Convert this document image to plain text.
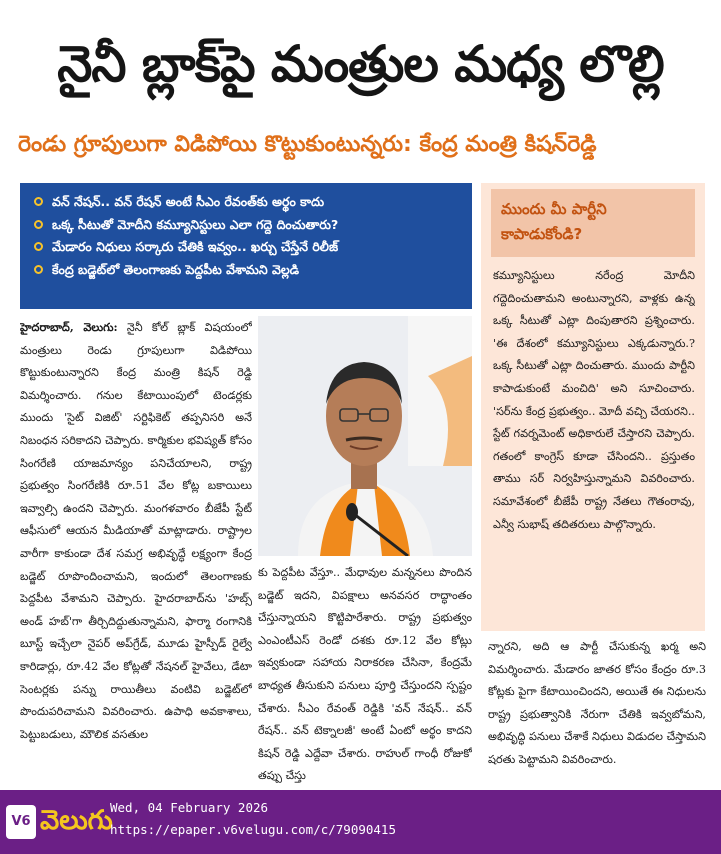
నైనీ బ్లాక్‌పై మంత్రుల మధ్య లొల్లి
రెండు గ్రూపులుగా విడిపోయి కొట్టుకుంటున్నరు: కేంద్ర మంత్రి కిషన్‌రెడ్డి
వన్ నేషన్.. వన్ రేషన్ అంటే సీఎం రేవంత్‌కు అర్థం కాదు
ఒక్క సీటుతో మోదీని కమ్యూనిస్టులు ఎలా గద్దె దించుతారు?
మేడారం నిధులు సర్కారు చేతికి ఇవ్వం.. ఖర్చు చేస్తేనే రిలీజ్
కేంద్ర బడ్జెట్‌లో తెలంగాణకు పెద్దపీట వేశామని వెల్లడి
హైదరాబాద్, వెలుగు: నైనీ కోల్ బ్లాక్ విషయంలో మంత్రులు రెండు గ్రూపులుగా విడిపోయి కొట్టుకుంటున్నారని కేంద్ర మంత్రి కిషన్ రెడ్డి విమర్శించారు. గనుల కేటాయింపులో టెండర్లకు ముందు 'సైట్ విజిట్' సర్టిఫికెట్ తప్పనిసరి అనే నిబంధన సరికాదని చెప్పారు. కార్మికుల భవిష్యత్ కోసం సింగరేణి యాజమాన్యం పనిచేయాలని, రాష్ట్ర ప్రభుత్వం సింగరేణికి రూ.51 వేల కోట్ల బకాయిలు ఇవ్వాల్సి ఉందని చెప్పారు. మంగళవారం బీజేపీ స్టేట్ ఆఫీసులో ఆయన మీడియాతో మాట్లాడారు. రాష్ట్రాల వారీగా కాకుండా దేశ సమగ్ర అభివృద్ధే లక్ష్యంగా కేంద్ర బడ్జెట్ రూపొందించామని, ఇందులో తెలంగాణకు పెద్దపీట వేశామని చెప్పారు. హైదరాబాద్‌ను 'హబ్స్ అండ్ హబ్'గా తీర్చిదిద్దుతున్నామని, ఫార్మా రంగానికి బూస్ట్ ఇచ్చేలా నైపర్ అప్‌గ్రేడ్, మూడు హైస్పీడ్ రైల్వే కారిడార్లు, రూ.42 వేల కోట్లతో నేషనల్ హైవేలు, డేటా సెంటర్లకు పన్ను రాయితీలు వంటివి బడ్జెట్‌లో పొందుపరిచామని వివరించారు. ఉపాధి అవకాశాలు, పెట్టుబడులు, మౌలిక వసతుల
కు పెద్దపీట వేస్తూ.. మేధావుల మన్ననలు పొందిన బడ్జెట్ ఇదని, విపక్షాలు అనవసర రాద్ధాంతం చేస్తున్నాయని కొట్టిపారేశారు. రాష్ట్ర ప్రభుత్వం ఎంఎంటీఎస్ రెండో దశకు రూ.12 వేల కోట్లు ఇవ్వకుండా సహాయ నిరాకరణ చేసినా, కేంద్రమే బాధ్యత తీసుకుని పనులు పూర్తి చేస్తుందని స్పష్టం చేశారు. సీఎం రేవంత్ రెడ్డికి 'వన్ నేషన్.. వన్ రేషన్.. వన్ టెక్నాలజీ' అంటే ఏంటో అర్థం కాదని కిషన్ రెడ్డి ఎద్దేవా చేశారు. రాహుల్ గాంధీ రోజుకో తప్పు చేస్తు
ముందు మీ పార్టీని కాపాడుకోండి?
కమ్యూనిస్టులు నరేంద్ర మోదీని గద్దెదించుతామని అంటున్నారని, వాళ్లకు ఉన్న ఒక్క సీటుతో ఎట్లా దింపుతారని ప్రశ్నించారు. 'ఈ దేశంలో కమ్యూనిస్టులు ఎక్కడున్నారు.? ఒక్క సీటుతో ఎట్లా దించుతారు. ముందు పార్టీని కాపాడుకుంటే మంచిది' అని సూచించారు. 'సర్‌ను కేంద్ర ప్రభుత్వం.. మోదీ వచ్చి చేయరని.. స్టేట్ గవర్నమెంట్ అధికారులే చేస్తారని చెప్పారు. గతంలో కాంగ్రెస్ కూడా చేసిందని.. ప్రస్తుతం తాము సర్ నిర్వహిస్తున్నామని వివరించారు. సమావేశంలో బీజేపీ రాష్ట్ర నేతలు గౌతంరావు, ఎన్వీ సుభాష్ తదితరులు పాల్గొన్నారు.
న్నారని, అది ఆ పార్టీ చేసుకున్న ఖర్మ అని విమర్శించారు. మేడారం జాతర కోసం కేంద్రం రూ.3 కోట్లకు పైగా కేటాయించిందని, అయితే ఈ నిధులను రాష్ట్ర ప్రభుత్వానికి నేరుగా చేతికి ఇవ్వబోమని, అభివృద్ధి పనులు చేశాకే నిధులు విడుదల చేస్తామని షరతు పెట్టామని వివరించారు.
V6 వెలుగు
Wed, 04 February 2026
https://epaper.v6velugu.com/c/79090415
